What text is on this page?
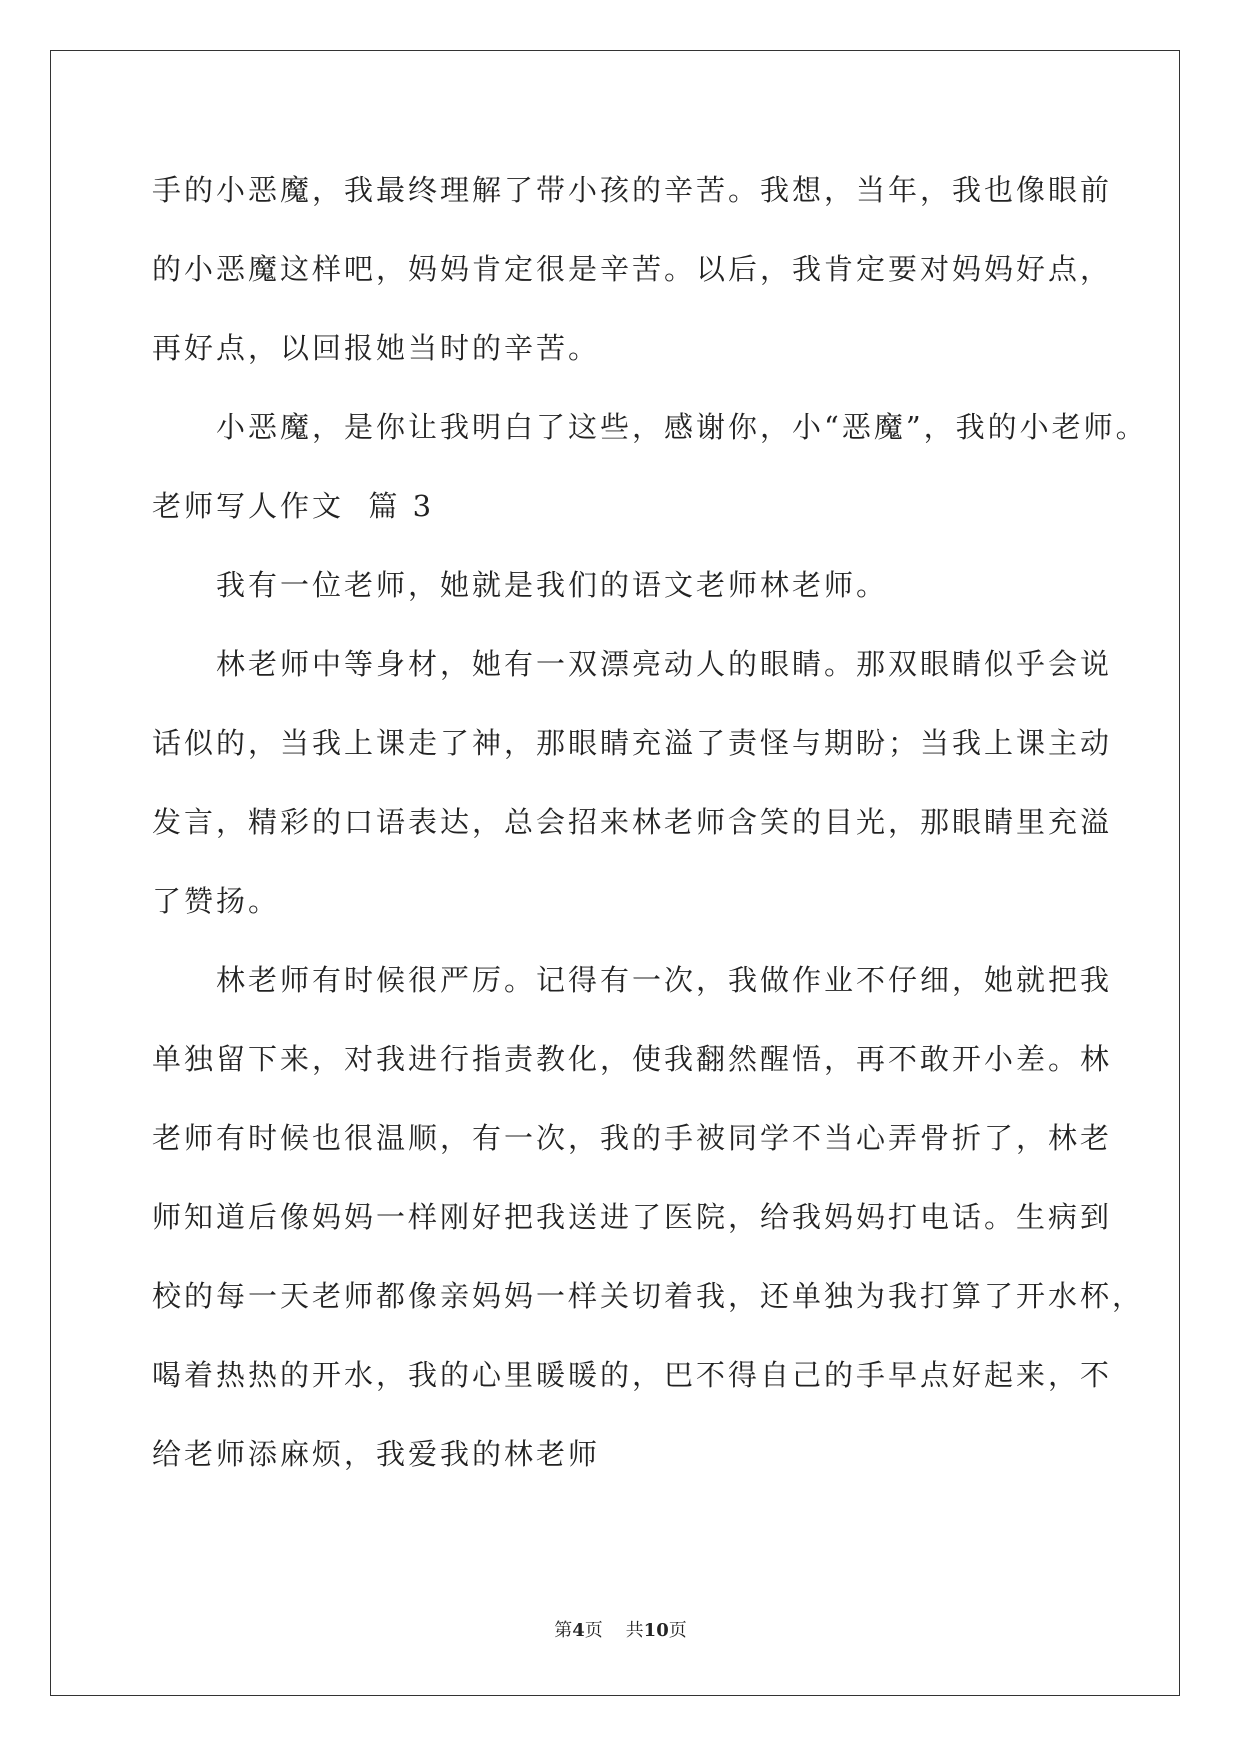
手的小恶魔，我最终理解了带小孩的辛苦。我想，当年，我也像眼前
的小恶魔这样吧，妈妈肯定很是辛苦。以后，我肯定要对妈妈好点，
再好点，以回报她当时的辛苦。
小恶魔，是你让我明白了这些，感谢你，小“恶魔”，我的小老师。
老师写人作文  篇 3
我有一位老师，她就是我们的语文老师林老师。
林老师中等身材，她有一双漂亮动人的眼睛。那双眼睛似乎会说
话似的，当我上课走了神，那眼睛充溢了责怪与期盼；当我上课主动
发言，精彩的口语表达，总会招来林老师含笑的目光，那眼睛里充溢
了赞扬。
林老师有时候很严厉。记得有一次，我做作业不仔细，她就把我
单独留下来，对我进行指责教化，使我翻然醒悟，再不敢开小差。林
老师有时候也很温顺，有一次，我的手被同学不当心弄骨折了，林老
师知道后像妈妈一样刚好把我送进了医院，给我妈妈打电话。生病到
校的每一天老师都像亲妈妈一样关切着我，还单独为我打算了开水杯，
喝着热热的开水，我的心里暖暖的，巴不得自己的手早点好起来，不
给老师添麻烦，我爱我的林老师
第4页 共10页
